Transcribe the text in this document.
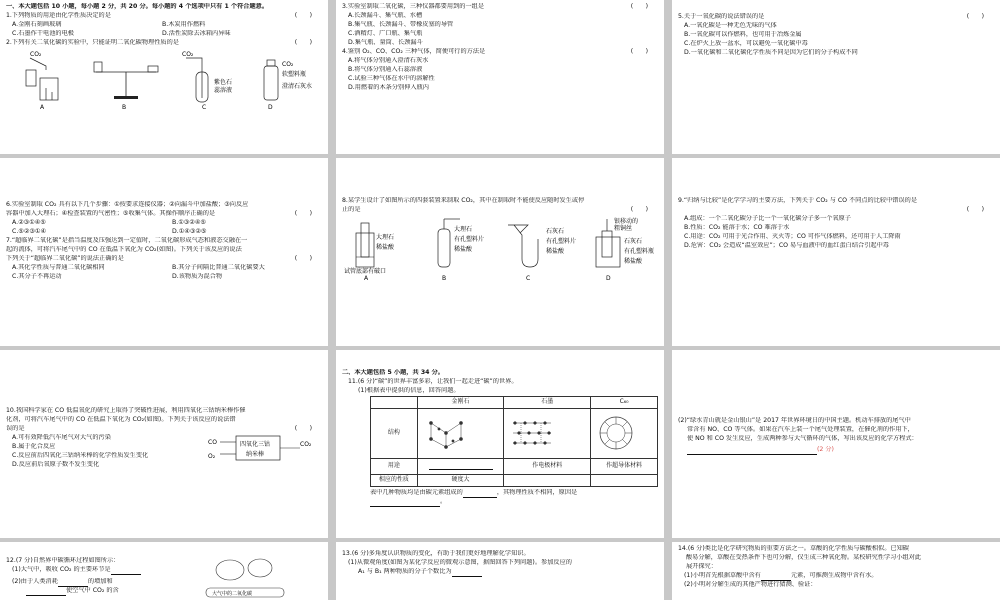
一、本大题包括 10 小题，每小题 2 分，共 20 分。每小题的 4 个选项中只有 1 个符合题意。
1.下列物质的用途由化学性质决定的是	(　　)
A.金刚石刻画玻璃	B.木炭用作燃料
C.石墨作干电池的电极	D.活性炭除去冰箱内异味
2.下列有关二氧化碳的实验中，只能证明二氧化碳物理性质的是	(　　)
A
CO₂
B
CO₂
紫色石
蕊溶液
C
CO₂
软塑料瓶
澄清石灰水
D
3.实验室制取二氧化碳，三种仪器都要用到的一组是	(　　)
A.长颈漏斗、集气瓶、水槽
B.集气瓶、长颈漏斗、带橡皮塞的导管
C.酒精灯、广口瓶、集气瓶
D.集气瓶、量筒、长颈漏斗
4.鉴别 O₂、CO、CO₂ 三种气体，简便可行的方法是	(　　)
A.将气体分别通入澄清石灰水
B.将气体分别通入石蕊溶液
C.试验三种气体在水中的溶解性
D.用燃着的木条分别伸入瓶内
5.关于一氧化碳的说法错误的是	(　　)
A.一氧化碳是一种无色无味的气体
B.一氧化碳可以作燃料，也可用于冶炼金属
C.在炉火上放一盆水，可以避免一氧化碳中毒
D.一氧化碳和二氧化碳化学性质不同是因为它们的分子构成不同
6.实验室制取 CO₂ 具有以下几个步骤：①按要求连接仪器；②向漏斗中加盐酸；③向反应
容器中加入大理石；④检查装置的气密性；⑤收集气体。其操作顺序正确的是	(　　)
A.②③①④⑤	B.①③②④⑤
C.⑤②③①④	D.①④③②⑤
7.“超临界二氧化碳”是指当温度及压强达到一定值时，二氧化碳形成气态和液态交融在一
起的流体，可将汽车尾气中的 CO 在低温下氧化为 CO₂(如图)。下列关于该反应的说法
下列关于“超临界二氧化碳”的说法正确的是	(　　)
A.其化学性质与普通二氧化碳相同	B.其分子间隔比普通二氧化碳要大
C.其分子不再运动	D.该物质为混合物
8.某学生设计了如图所示的四套装置来制取 CO₂，其中在制取时不能使反应随时发生或停
止的是	(　　)
大理石
稀盐酸
试管底部有破口
A
大理石
有孔塑料片
稀盐酸
B
石灰石
有孔塑料片
稀盐酸
C
银移动的
粗铜丝
石灰石
有孔塑料瓶
稀盐酸
D
9.“归纳与比较”是化学学习的主要方法，下列关于 CO₂ 与 CO 不同点的比较中错误的是
(　　)
A.组成：一个二氧化碳分子比一个一氧化碳分子多一个氧原子
B.性质：CO₂ 能溶于水；CO 难溶于水
C.用途：CO₂ 可用于光合作用、灭火等；CO 可作气体燃料，还可用于人工降雨
D.危害：CO₂ 会造成“温室效应”；CO 易与血液中的血红蛋白结合引起中毒
10.我国科学家在 CO 低温氧化的研究上取得了突破性进展，利用四氧化三钴纳米棒作催
化剂，可将汽车尾气中的 CO 在低温下氧化为 CO₂(如图)。下列关于该反应的说法错
误的是	(　　)
A.可有效降低汽车尾气对大气的污染
B.属于化合反应
C.反应前后四氧化三钴纳米棒的化学性质发生变化
D.反应前后氧原子数不发生变化
CO
O₂
四氧化三钴
纳米棒
CO₂
二、本大题包括 5 小题，共 34 分。
11.(6 分)“碳”的世界丰富多彩，让我们一起走进“碳”的世界。
(1)根据表中提供的信息，回答问题。
	金刚石	石墨	C₆₀
结构	

用途		作电极材料	作超导体材料
相应的性质	硬度大		
表中几种物质均是由碳元素组成的	，其物理性质不相同，原因是
。
(2)“绿水青山就是金山银山”是 2017 年世界环境日的中国主题。机动车排放的尾气中
常含有 NO、CO 等气体。如果在汽车上装一个尾气处理装置，在催化剂的作用下，
使 NO 和 CO 发生反应，生成两种参与大气循环的气体，写出该反应的化学方程式：
(2 分)
12.(7 分)自然界中碳循环过程如图所示：
(1)大气中，吸收 CO₂ 的主要环节是
(2)由于人类消耗	的增加和
使空气中 CO₂ 的含
大气中的二氧化碳
13.(6 分)多角度认识物质的变化，有助于我们更好地理解化学知识。
(1)从微观角度(如图为某化学反应的微观示意图，据图回答下列问题)。参加反应的
A₁ 与 B₁ 两种物质的分子个数比为
14.(6 分)类比是化学研究物质的重要方法之一。草酸的化学性质与碳酸相似。已知碳
酸易分解，草酸在受热条件下也可分解，仅生成三种氧化物。某校研究性学习小组对此
展开探究：
(1)小明首先根据草酸中含有	元素，可推测生成物中含有水。
(2)小明对分解生成的其他产物进行猜测、验证：
